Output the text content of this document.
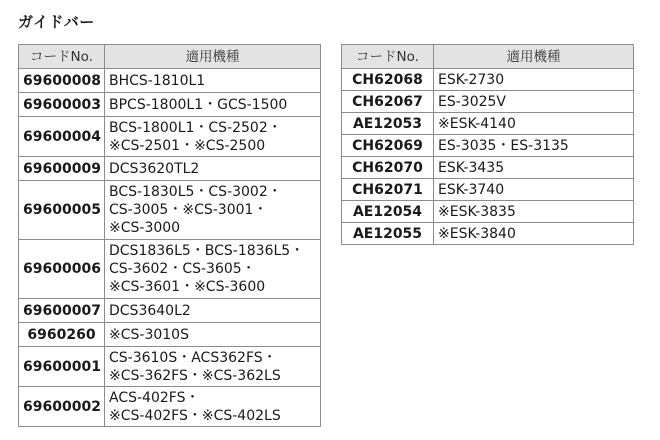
ガイドバー
コードNo.	適用機種
69600008	BHCS-1810L1

69600003	BPCS-1800L1・GCS-1500

69600004	BCS-1800L1・CS-2502・
※CS-2501・※CS-2500

69600009	DCS3620TL2

69600005	BCS-1830L5・CS-3002・
CS-3005・※CS-3001・
※CS-3000

69600006	DCS1836L5・BCS-1836L5・
CS-3602・CS-3605・
※CS-3601・※CS-3600

69600007	DCS3640L2

6960260	※CS-3010S

69600001	CS-3610S・ACS362FS・
※CS-362FS・※CS-362LS

69600002	ACS-402FS・
※CS-402FS・※CS-402LS
コードNo.	適用機種
CH62068	ESK-2730

CH62067	ES-3025V

AE12053	※ESK-4140

CH62069	ES-3035・ES-3135

CH62070	ESK-3435

CH62071	ESK-3740

AE12054	※ESK-3835

AE12055	※ESK-3840
